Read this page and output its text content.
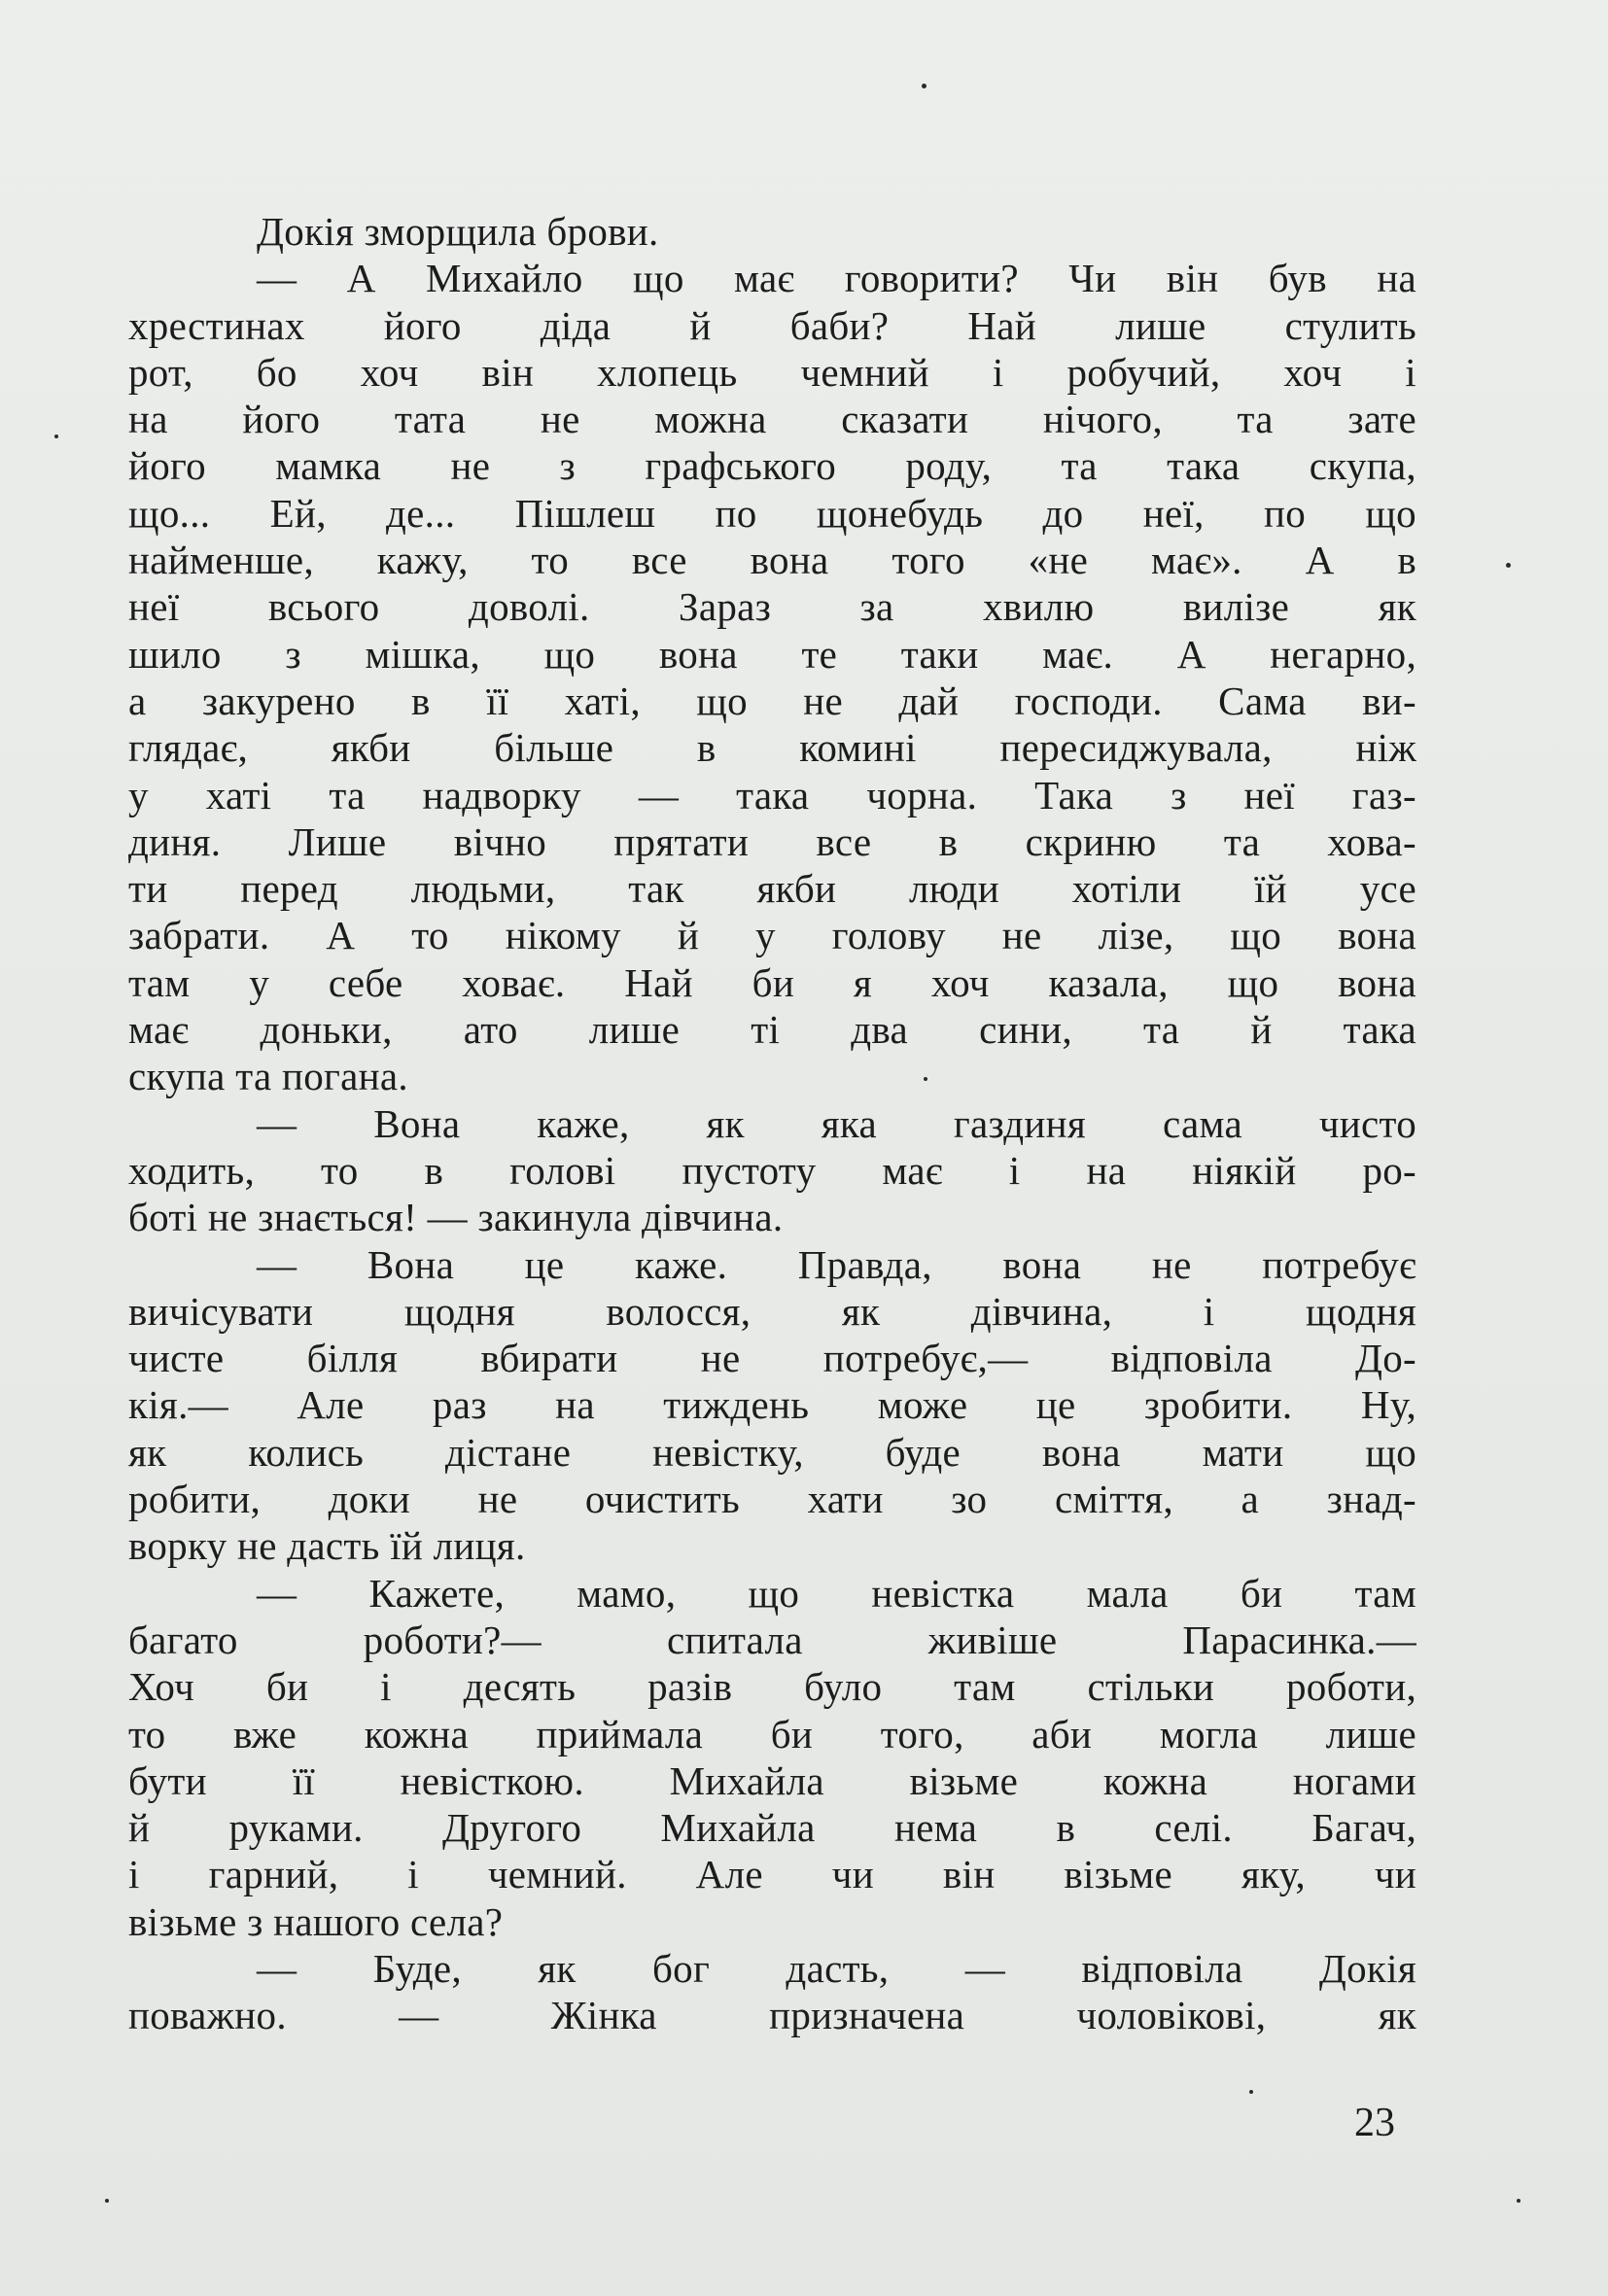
Докія зморщила брови.
— А Михайло що має говорити? Чи він був на
хрестинах його діда й баби? Най лише стулить
рот, бо хоч він хлопець чемний і робучий, хоч і
на його тата не можна сказати нічого, та зате
його мамка не з графського роду, та така скупа,
що... Ей, де... Пішлеш по щонебудь до неї, по що
найменше, кажу, то все вона того «не має». А в
неї всього доволі. Зараз за хвилю вилізе як
шило з мішка, що вона те таки має. А негарно,
а закурено в її хаті, що не дай господи. Сама ви-
глядає, якби більше в комині пересиджувала, ніж
у хаті та надворку — така чорна. Така з неї газ-
диня. Лише вічно прятати все в скриню та хова-
ти перед людьми, так якби люди хотіли їй усе
забрати. А то нікому й у голову не лізе, що вона
там у себе ховає. Най би я хоч казала, що вона
має доньки, ато лише ті два сини, та й така
скупа та погана.
— Вона каже, як яка газдиня сама чисто
ходить, то в голові пустоту має і на ніякій ро-
боті не знається! — закинула дівчина.
— Вона це каже. Правда, вона не потребує
вичісувати щодня волосся, як дівчина, і щодня
чисте білля вбирати не потребує,— відповіла До-
кія.— Але раз на тиждень може це зробити. Ну,
як колись дістане невістку, буде вона мати що
робити, доки не очистить хати зо сміття, а знад-
ворку не дасть їй лиця.
— Кажете, мамо, що невістка мала би там
багато роботи?— спитала живіше Парасинка.—
Хоч би і десять разів було там стільки роботи,
то вже кожна приймала би того, аби могла лише
бути її невісткою. Михайла візьме кожна ногами
й руками. Другого Михайла нема в селі. Багач,
і гарний, і чемний. Але чи він візьме яку, чи
візьме з нашого села?
— Буде, як бог дасть, — відповіла Докія
поважно. — Жінка призначена чоловікові, як
23
